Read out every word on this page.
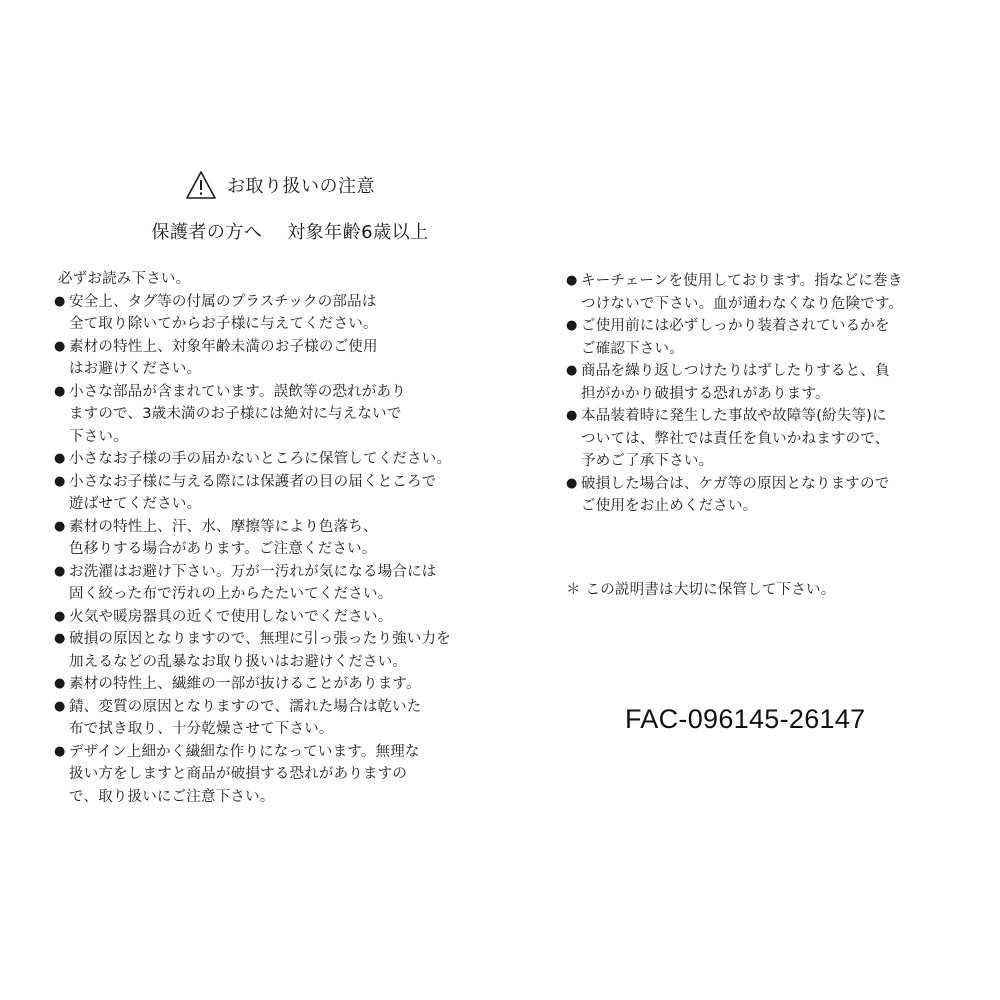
お取り扱いの注意
保護者の方へ　 対象年齢6歳以上
必ずお読み下さい。
● 安全上、タグ等の付属のプラスチックの部品は
全て取り除いてからお子様に与えてください。
● 素材の特性上、対象年齢未満のお子様のご使用
はお避けください。
● 小さな部品が含まれています。誤飲等の恐れがあり
ますので、3歳未満のお子様には絶対に与えないで
下さい。
● 小さなお子様の手の届かないところに保管してください。
● 小さなお子様に与える際には保護者の目の届くところで
遊ばせてください。
● 素材の特性上、汗、水、摩擦等により色落ち、
色移りする場合があります。ご注意ください。
● お洗濯はお避け下さい。万が一汚れが気になる場合には
固く絞った布で汚れの上からたたいてください。
● 火気や暖房器具の近くで使用しないでください。
● 破損の原因となりますので、無理に引っ張ったり強い力を
加えるなどの乱暴なお取り扱いはお避けください。
● 素材の特性上、繊維の一部が抜けることがあります。
● 錆、変質の原因となりますので、濡れた場合は乾いた
布で拭き取り、十分乾燥させて下さい。
● デザイン上細かく繊細な作りになっています。無理な
扱い方をしますと商品が破損する恐れがありますの
で、取り扱いにご注意下さい。
● キーチェーンを使用しております。指などに巻き
つけないで下さい。血が通わなくなり危険です。
● ご使用前には必ずしっかり装着されているかを
ご確認下さい。
● 商品を繰り返しつけたりはずしたりすると、負
担がかかり破損する恐れがあります。
● 本品装着時に発生した事故や故障等(紛失等)に
ついては、弊社では責任を負いかねますので、
予めご了承下さい。
● 破損した場合は、ケガ等の原因となりますので
ご使用をお止めください。
＊ この説明書は大切に保管して下さい。
FAC-096145-26147
